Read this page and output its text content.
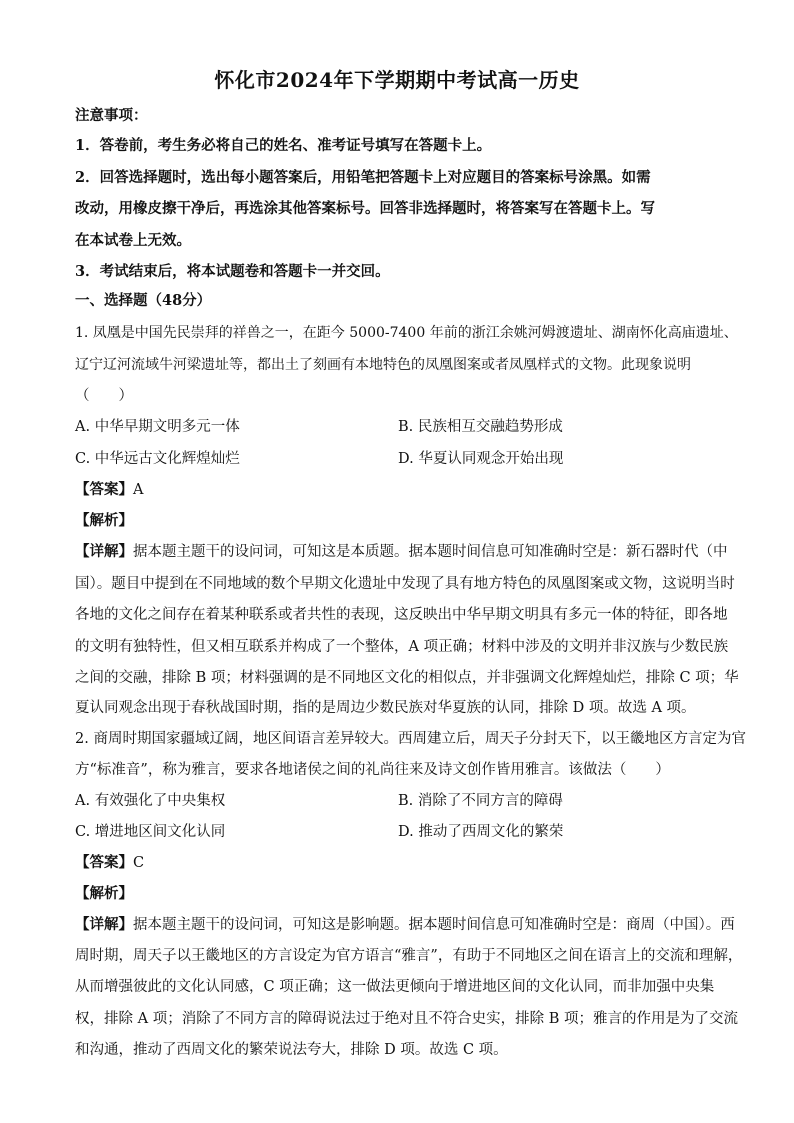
怀化市2024年下学期期中考试高一历史
注意事项：
1．答卷前，考生务必将自己的姓名、准考证号填写在答题卡上。
2．回答选择题时，选出每小题答案后，用铅笔把答题卡上对应题目的答案标号涂黑。如需
改动，用橡皮擦干净后，再选涂其他答案标号。回答非选择题时，将答案写在答题卡上。写
在本试卷上无效。
3．考试结束后，将本试题卷和答题卡一并交回。
一、选择题（48分）
1. 凤凰是中国先民崇拜的祥兽之一，在距今 5000-7400 年前的浙江余姚河姆渡遗址、湖南怀化高庙遗址、
辽宁辽河流域牛河梁遗址等，都出土了刻画有本地特色的凤凰图案或者凤凰样式的文物。此现象说明
（　　）
A. 中华早期文明多元一体	B. 民族相互交融趋势形成
C. 中华远古文化辉煌灿烂	D. 华夏认同观念开始出现
【答案】A
【解析】
【详解】据本题主题干的设问词，可知这是本质题。据本题时间信息可知准确时空是：新石器时代（中
国）。题目中提到在不同地域的数个早期文化遗址中发现了具有地方特色的凤凰图案或文物，这说明当时
各地的文化之间存在着某种联系或者共性的表现，这反映出中华早期文明具有多元一体的特征，即各地
的文明有独特性，但又相互联系并构成了一个整体，A 项正确；材料中涉及的文明并非汉族与少数民族
之间的交融，排除 B 项；材料强调的是不同地区文化的相似点，并非强调文化辉煌灿烂，排除 C 项；华
夏认同观念出现于春秋战国时期，指的是周边少数民族对华夏族的认同，排除 D 项。故选 A 项。
2. 商周时期国家疆域辽阔，地区间语言差异较大。西周建立后，周天子分封天下，以王畿地区方言定为官
方“标准音”，称为雅言，要求各地诸侯之间的礼尚往来及诗文创作皆用雅言。该做法（　　）
A. 有效强化了中央集权	B. 消除了不同方言的障碍
C. 增进地区间文化认同	D. 推动了西周文化的繁荣
【答案】C
【解析】
【详解】据本题主题干的设问词，可知这是影响题。据本题时间信息可知准确时空是：商周（中国）。西
周时期，周天子以王畿地区的方言设定为官方语言“雅言”，有助于不同地区之间在语言上的交流和理解，
从而增强彼此的文化认同感，C 项正确；这一做法更倾向于增进地区间的文化认同，而非加强中央集
权，排除 A 项；消除了不同方言的障碍说法过于绝对且不符合史实，排除 B 项；雅言的作用是为了交流
和沟通，推动了西周文化的繁荣说法夸大，排除 D 项。故选 C 项。
